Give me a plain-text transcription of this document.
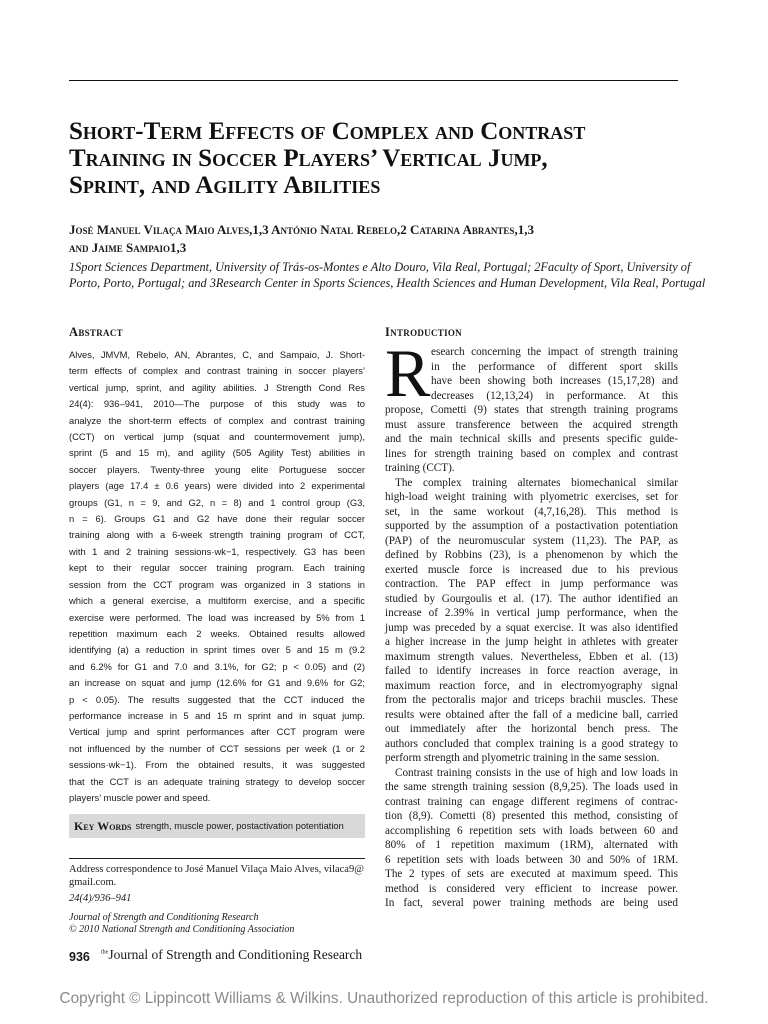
Short-Term Effects of Complex and Contrast
Training in Soccer Players’ Vertical Jump,
Sprint, and Agility Abilities

José Manuel Vilaça Maio Alves,1,3 António Natal Rebelo,2 Catarina Abrantes,1,3
and Jaime Sampaio1,3

1Sport Sciences Department, University of Trás-os-Montes e Alto Douro, Vila Real, Portugal; 2Faculty of Sport, University of
Porto, Porto, Portugal; and 3Research Center in Sports Sciences, Health Sciences and Human Development, Vila Real, Portugal

Abstract

Alves, JMVM, Rebelo, AN, Abrantes, C, and Sampaio, J. Short-
term effects of complex and contrast training in soccer players’
vertical jump, sprint, and agility abilities. J Strength Cond Res
24(4): 936–941, 2010—The purpose of this study was to
analyze the short-term effects of complex and contrast training
(CCT) on vertical jump (squat and countermovement jump),
sprint (5 and 15 m), and agility (505 Agility Test) abilities in
soccer players. Twenty-three young elite Portuguese soccer
players (age 17.4 ± 0.6 years) were divided into 2 experimental
groups (G1, n = 9, and G2, n = 8) and 1 control group (G3,
n = 6). Groups G1 and G2 have done their regular soccer
training along with a 6-week strength training program of CCT,
with 1 and 2 training sessions·wk−1, respectively. G3 has been
kept to their regular soccer training program. Each training
session from the CCT program was organized in 3 stations in
which a general exercise, a multiform exercise, and a specific
exercise were performed. The load was increased by 5% from 1
repetition maximum each 2 weeks. Obtained results allowed
identifying (a) a reduction in sprint times over 5 and 15 m (9.2
and 6.2% for G1 and 7.0 and 3.1%, for G2; p < 0.05) and (2)
an increase on squat and jump (12.6% for G1 and 9.6% for G2;
p < 0.05). The results suggested that the CCT induced the
performance increase in 5 and 15 m sprint and in squat jump.
Vertical jump and sprint performances after CCT program were
not influenced by the number of CCT sessions per week (1 or 2
sessions·wk−1). From the obtained results, it was suggested
that the CCT is an adequate training strategy to develop soccer
players’ muscle power and speed.

Key Words strength, muscle power, postactivation potentiation

Address correspondence to José Manuel Vilaça Maio Alves, vilaca9@
gmail.com.

24(4)/936–941
Journal of Strength and Conditioning Research
© 2010 National Strength and Conditioning Association
936 $^{the}$Journal of Strength and Conditioning Research
Introduction
R esearch concerning the impact of strength training
in the performance of different sport skills
have been showing both increases (15,17,28) and
decreases (12,13,24) in performance. At this
propose, Cometti (9) states that strength training programs
must assure transference between the acquired strength
and the main technical skills and presents specific guide-
lines for strength training based on complex and contrast
training (CCT).
The complex training alternates biomechanical similar
high-load weight training with plyometric exercises, set for
set, in the same workout (4,7,16,28). This method is
supported by the assumption of a postactivation potentiation
(PAP) of the neuromuscular system (11,23). The PAP, as
defined by Robbins (23), is a phenomenon by which the
exerted muscle force is increased due to his previous
contraction. The PAP effect in jump performance was
studied by Gourgoulis et al. (17). The author identified an
increase of 2.39% in vertical jump performance, when the
jump was preceded by a squat exercise. It was also identified
a higher increase in the jump height in athletes with greater
maximum strength values. Nevertheless, Ebben et al. (13)
failed to identify increases in force reaction average, in
maximum reaction force, and in electromyography signal
from the pectoralis major and triceps brachii muscles. These
results were obtained after the fall of a medicine ball, carried
out immediately after the horizontal bench press. The
authors concluded that complex training is a good strategy to
perform strength and plyometric training in the same session.
Contrast training consists in the use of high and low loads in
the same strength training session (8,9,25). The loads used in
contrast training can engage different regimens of contrac-
tion (8,9). Cometti (8) presented this method, consisting of
accomplishing 6 repetition sets with loads between 60 and
80% of 1 repetition maximum (1RM), alternated with
6 repetition sets with loads between 30 and 50% of 1RM.
The 2 types of sets are executed at maximum speed. This
method is considered very efficient to increase power.
In fact, several power training methods are being used

Copyright © Lippincott Williams & Wilkins. Unauthorized reproduction of this article is prohibited.
